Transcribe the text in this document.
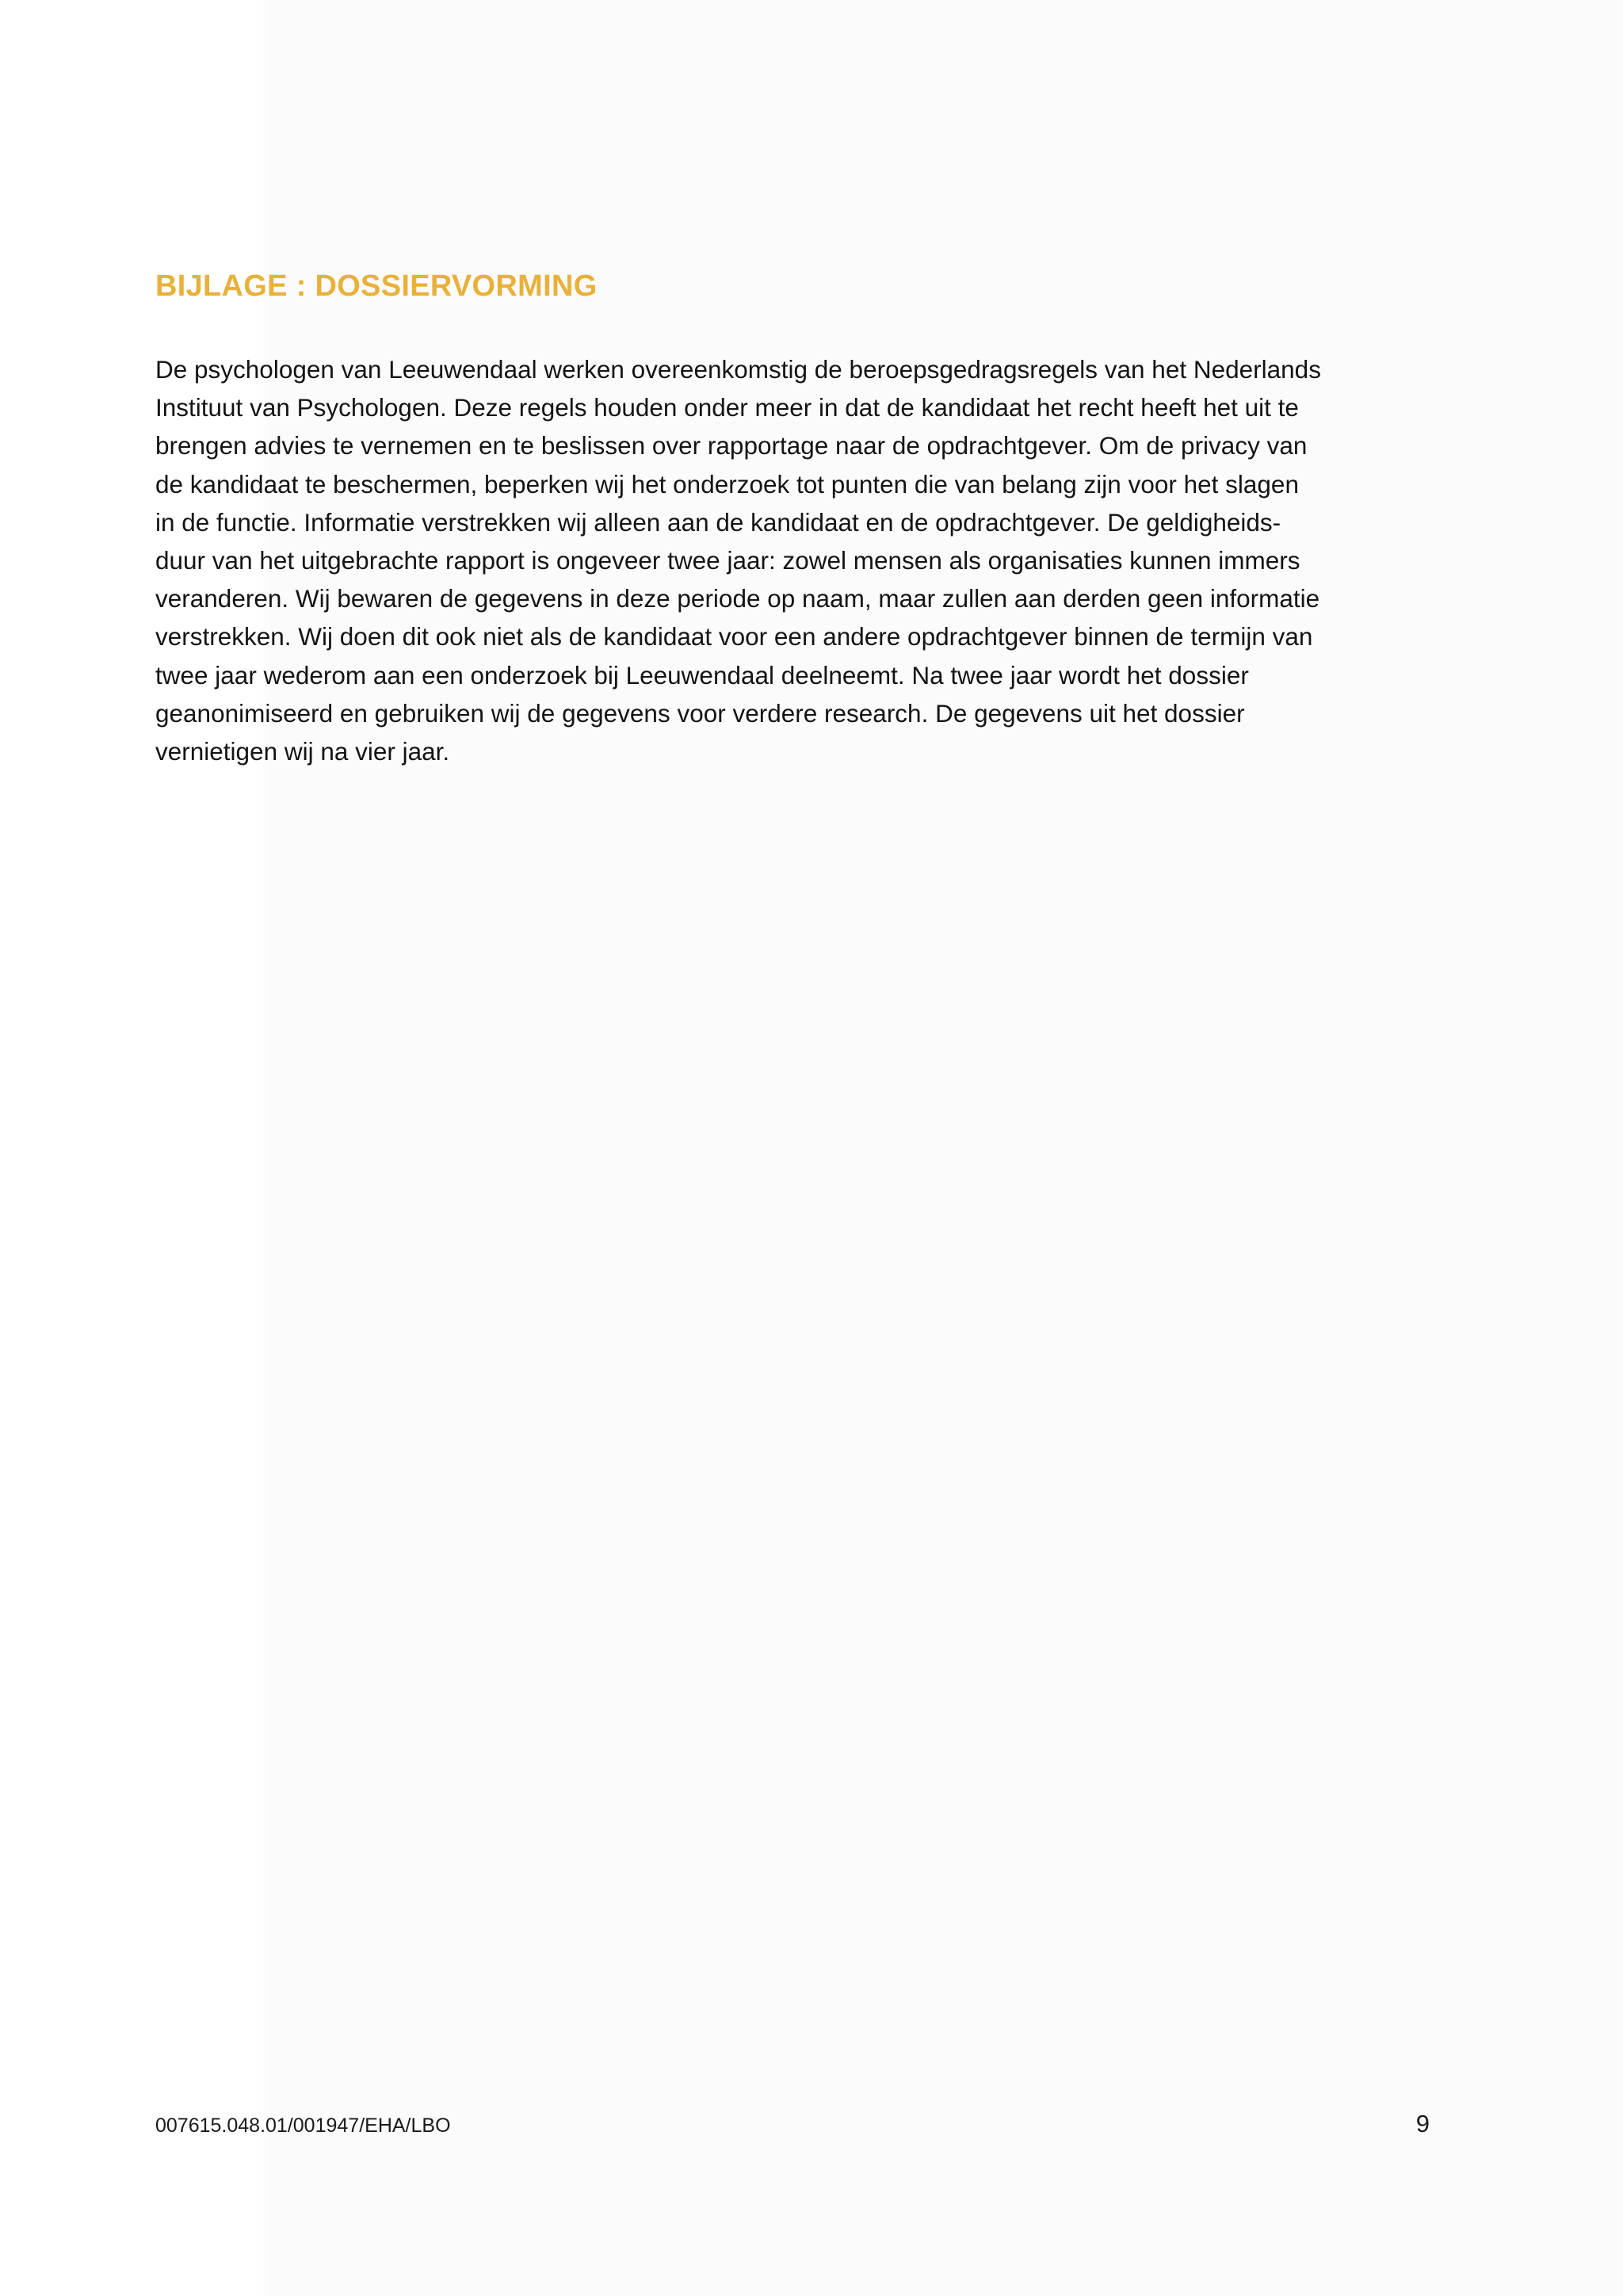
BIJLAGE : DOSSIERVORMING

De psychologen van Leeuwendaal werken overeenkomstig de beroepsgedragsregels van het Nederlands
Instituut van Psychologen. Deze regels houden onder meer in dat de kandidaat het recht heeft het uit te
brengen advies te vernemen en te beslissen over rapportage naar de opdrachtgever. Om de privacy van
de kandidaat te beschermen, beperken wij het onderzoek tot punten die van belang zijn voor het slagen
in de functie. Informatie verstrekken wij alleen aan de kandidaat en de opdrachtgever. De geldigheids-
duur van het uitgebrachte rapport is ongeveer twee jaar: zowel mensen als organisaties kunnen immers
veranderen. Wij bewaren de gegevens in deze periode op naam, maar zullen aan derden geen informatie
verstrekken. Wij doen dit ook niet als de kandidaat voor een andere opdrachtgever binnen de termijn van
twee jaar wederom aan een onderzoek bij Leeuwendaal deelneemt. Na twee jaar wordt het dossier
geanonimiseerd en gebruiken wij de gegevens voor verdere research. De gegevens uit het dossier
vernietigen wij na vier jaar.

007615.048.01/001947/EHA/LBO	9
